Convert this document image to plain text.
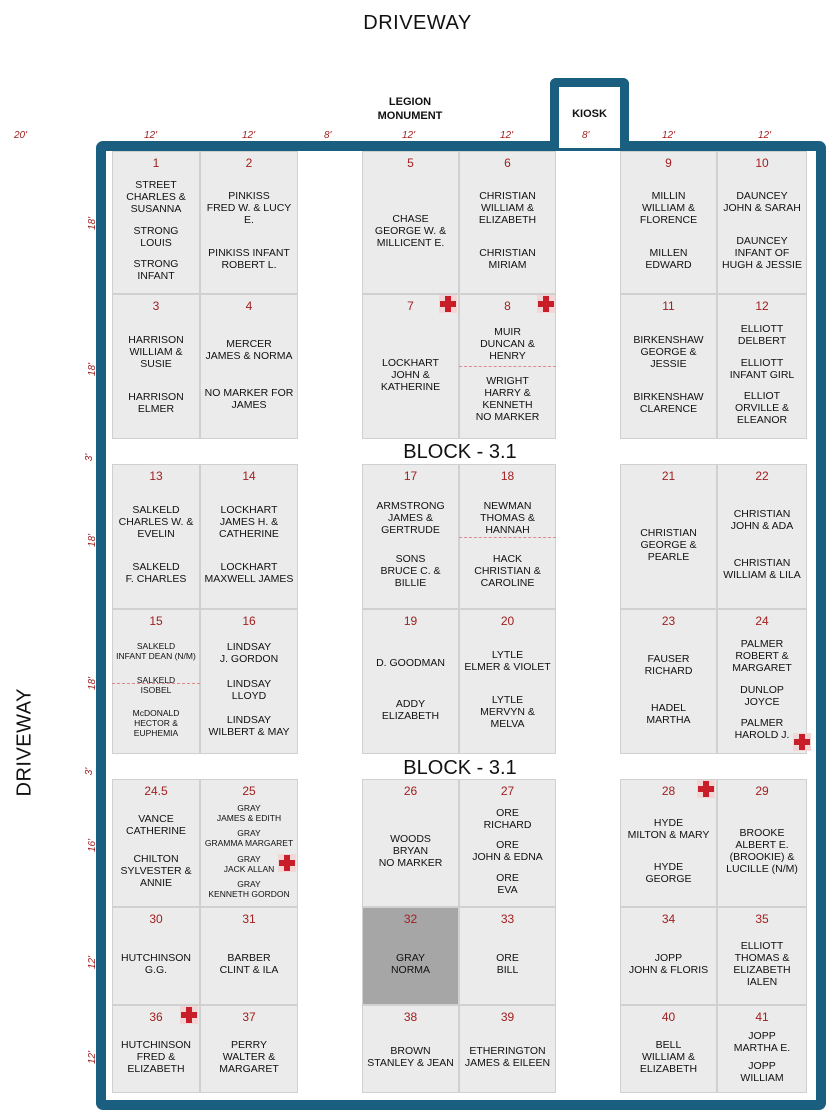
DRIVEWAY
DRIVEWAY
LEGION
MONUMENT	KIOSK
20'	12'	12'	8'	12'	12'	8'	12'	12'
18'
18'
3'
18'
18'
3'
16'
12'
12'
BLOCK - 3.1
BLOCK - 3.1
1
STREET
CHARLES &
SUSANNA
STRONG
LOUIS
STRONG
INFANT
2
PINKISS
FRED W. & LUCY E.
PINKISS INFANT
ROBERT L.
5
CHASE
GEORGE W. &
MILLICENT E.
6
CHRISTIAN
WILLIAM &
ELIZABETH
CHRISTIAN
MIRIAM
9
MILLIN
WILLIAM &
FLORENCE
MILLEN
EDWARD
10
DAUNCEY
JOHN & SARAH
DAUNCEY
INFANT OF
HUGH & JESSIE
3
HARRISON
WILLIAM & SUSIE
HARRISON
ELMER
4
MERCER
JAMES & NORMA
NO MARKER FOR
JAMES
7
LOCKHART
JOHN &
KATHERINE
8
MUIR
DUNCAN & HENRY
WRIGHT
HARRY &
KENNETH
NO MARKER
11
BIRKENSHAW
GEORGE & JESSIE
BIRKENSHAW
CLARENCE
12
ELLIOTT
DELBERT
ELLIOTT
INFANT GIRL
ELLIOT
ORVILLE &
ELEANOR
13
SALKELD
CHARLES W. &
EVELIN
SALKELD
F. CHARLES
14
LOCKHART
JAMES H. &
CATHERINE
LOCKHART
MAXWELL JAMES
17
ARMSTRONG
JAMES &
GERTRUDE
SONS
BRUCE C. &
BILLIE
18
NEWMAN
THOMAS &
HANNAH
HACK
CHRISTIAN &
CAROLINE
21
CHRISTIAN
GEORGE &
PEARLE
22
CHRISTIAN
JOHN & ADA
CHRISTIAN
WILLIAM & LILA
15
SALKELD
INFANT DEAN (N/M)
SALKELD
ISOBEL
McDONALD
HECTOR &
EUPHEMIA
16
LINDSAY
J. GORDON
LINDSAY
LLOYD
LINDSAY
WILBERT & MAY
19
D. GOODMAN
ADDY
ELIZABETH
20
LYTLE
ELMER & VIOLET
LYTLE
MERVYN & MELVA
23
FAUSER
RICHARD
HADEL
MARTHA
24
PALMER
ROBERT &
MARGARET
DUNLOP
JOYCE
PALMER
HAROLD J.
24.5
VANCE
CATHERINE
CHILTON
SYLVESTER &
ANNIE
25
GRAY
JAMES & EDITH
GRAY
GRAMMA MARGARET
GRAY
JACK ALLAN
GRAY
KENNETH GORDON
26
WOODS
BRYAN
NO MARKER
27
ORE
RICHARD
ORE
JOHN & EDNA
ORE
EVA
28
HYDE
MILTON & MARY
HYDE
GEORGE
29
BROOKE
ALBERT E.
(BROOKIE) &
LUCILLE (N/M)
30
HUTCHINSON
G.G.
31
BARBER
CLINT & ILA
32
GRAY
NORMA
33
ORE
BILL
34
JOPP
JOHN & FLORIS
35
ELLIOTT
THOMAS &
ELIZABETH IALEN
36
HUTCHINSON
FRED &
ELIZABETH
37
PERRY
WALTER &
MARGARET
38
BROWN
STANLEY & JEAN
39
ETHERINGTON
JAMES & EILEEN
40
BELL
WILLIAM &
ELIZABETH
41
JOPP
MARTHA E.
JOPP
WILLIAM
